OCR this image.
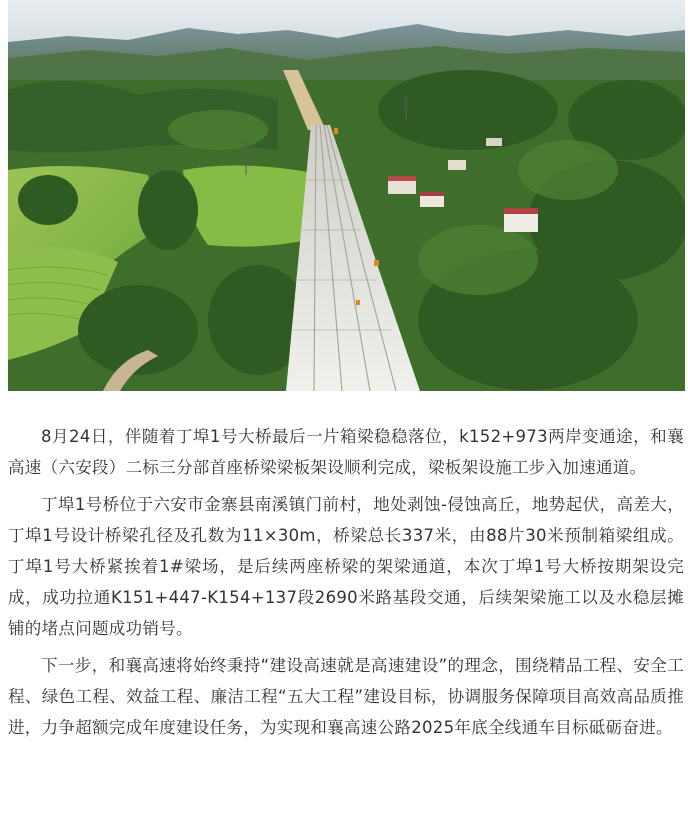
8月24日，伴随着丁埠1号大桥最后一片箱梁稳稳落位，k152+973两岸变通途，和襄高速（六安段）二标三分部首座桥梁梁板架设顺利完成，梁板架设施工步入加速通道。

丁埠1号桥位于六安市金寨县南溪镇门前村，地处剥蚀-侵蚀高丘，地势起伏，高差大，丁埠1号设计桥梁孔径及孔数为11×30m，桥梁总长337米，由88片30米预制箱梁组成。丁埠1号大桥紧挨着1#梁场，是后续两座桥梁的架梁通道，本次丁埠1号大桥按期架设完成，成功拉通K151+447-K154+137段2690米路基段交通，后续架梁施工以及水稳层摊铺的堵点问题成功销号。

下一步，和襄高速将始终秉持“建设高速就是高速建设”的理念，围绕精品工程、安全工程、绿色工程、效益工程、廉洁工程“五大工程”建设目标，协调服务保障项目高效高品质推进，力争超额完成年度建设任务，为实现和襄高速公路2025年底全线通车目标砥砺奋进。
